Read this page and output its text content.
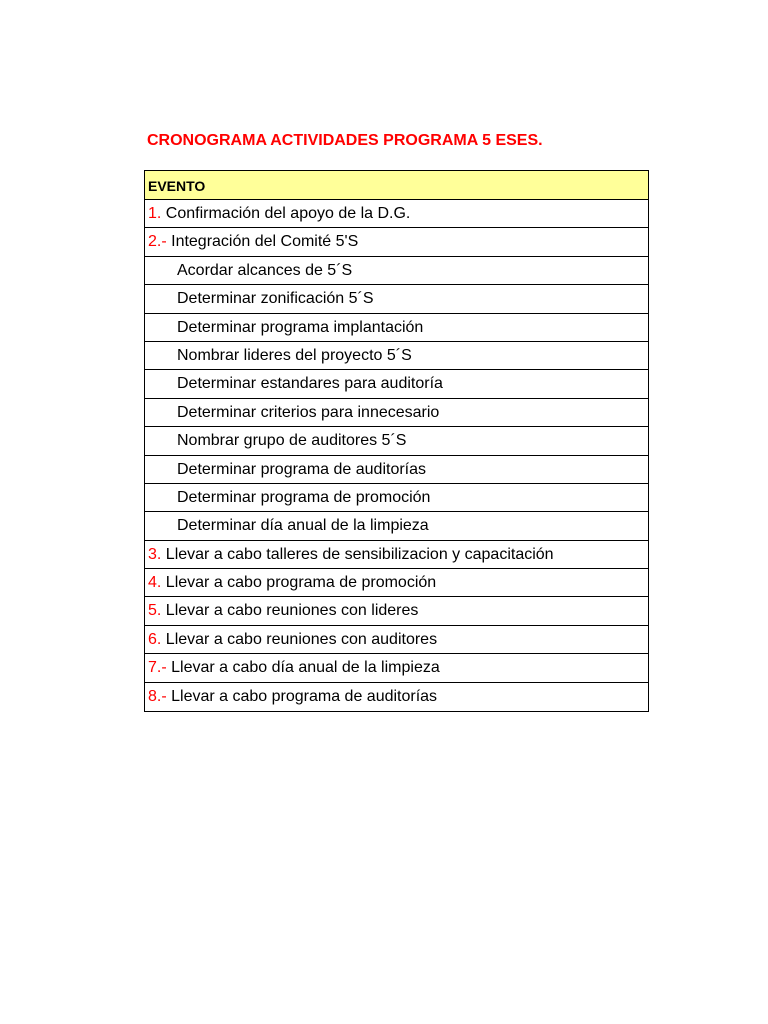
CRONOGRAMA ACTIVIDADES PROGRAMA 5 ESES.
EVENTO
1. Confirmación del apoyo de la D.G.
2.- Integración del Comité 5'S
Acordar alcances de 5´S
Determinar zonificación 5´S
Determinar programa implantación
Nombrar lideres del proyecto 5´S
Determinar estandares para auditoría
Determinar criterios para innecesario
Nombrar grupo de auditores 5´S
Determinar programa de auditorías
Determinar programa de promoción
Determinar día anual de la limpieza
3. Llevar a cabo talleres de sensibilizacion y capacitación
4. Llevar a cabo programa de promoción
5. Llevar a cabo reuniones con lideres
6. Llevar a cabo reuniones con auditores
7.- Llevar a cabo día anual de la limpieza
8.- Llevar a cabo programa de auditorías
